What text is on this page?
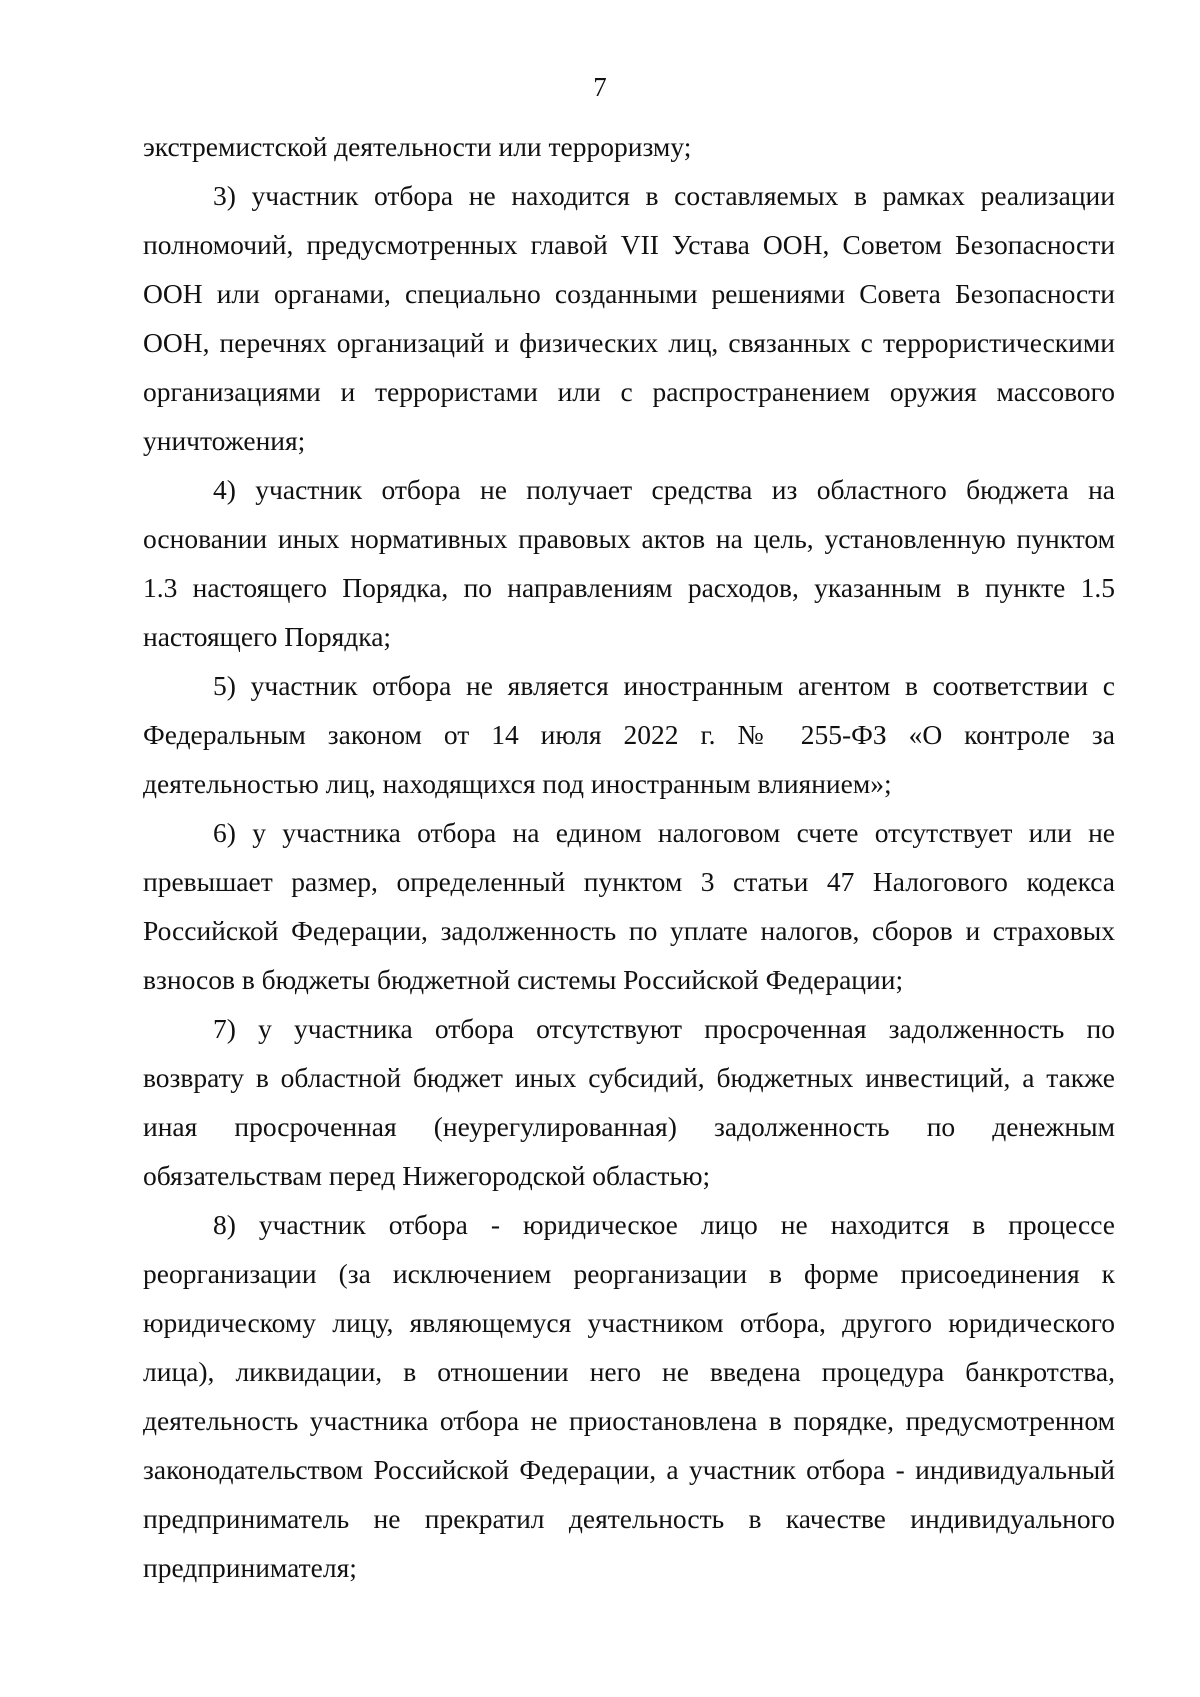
7

экстремистской деятельности или терроризму;

3) участник отбора не находится в составляемых в рамках реализации полномочий, предусмотренных главой VII Устава ООН, Советом Безопасности ООН или органами, специально созданными решениями Совета Безопасности ООН, перечнях организаций и физических лиц, связанных с террористическими организациями и террористами или с распространением оружия массового уничтожения;

4) участник отбора не получает средства из областного бюджета на основании иных нормативных правовых актов на цель, установленную пунктом 1.3 настоящего Порядка, по направлениям расходов, указанным в пункте 1.5 настоящего Порядка;

5) участник отбора не является иностранным агентом в соответствии с Федеральным законом от 14 июля 2022 г. № 255-ФЗ «О контроле за деятельностью лиц, находящихся под иностранным влиянием»;

6) у участника отбора на едином налоговом счете отсутствует или не превышает размер, определенный пунктом 3 статьи 47 Налогового кодекса Российской Федерации, задолженность по уплате налогов, сборов и страховых взносов в бюджеты бюджетной системы Российской Федерации;

7) у участника отбора отсутствуют просроченная задолженность по возврату в областной бюджет иных субсидий, бюджетных инвестиций, а также иная просроченная (неурегулированная) задолженность по денежным обязательствам перед Нижегородской областью;

8) участник отбора - юридическое лицо не находится в процессе реорганизации (за исключением реорганизации в форме присоединения к юридическому лицу, являющемуся участником отбора, другого юридического лица), ликвидации, в отношении него не введена процедура банкротства, деятельность участника отбора не приостановлена в порядке, предусмотренном законодательством Российской Федерации, а участник отбора - индивидуальный предприниматель не прекратил деятельность в качестве индивидуального предпринимателя;
